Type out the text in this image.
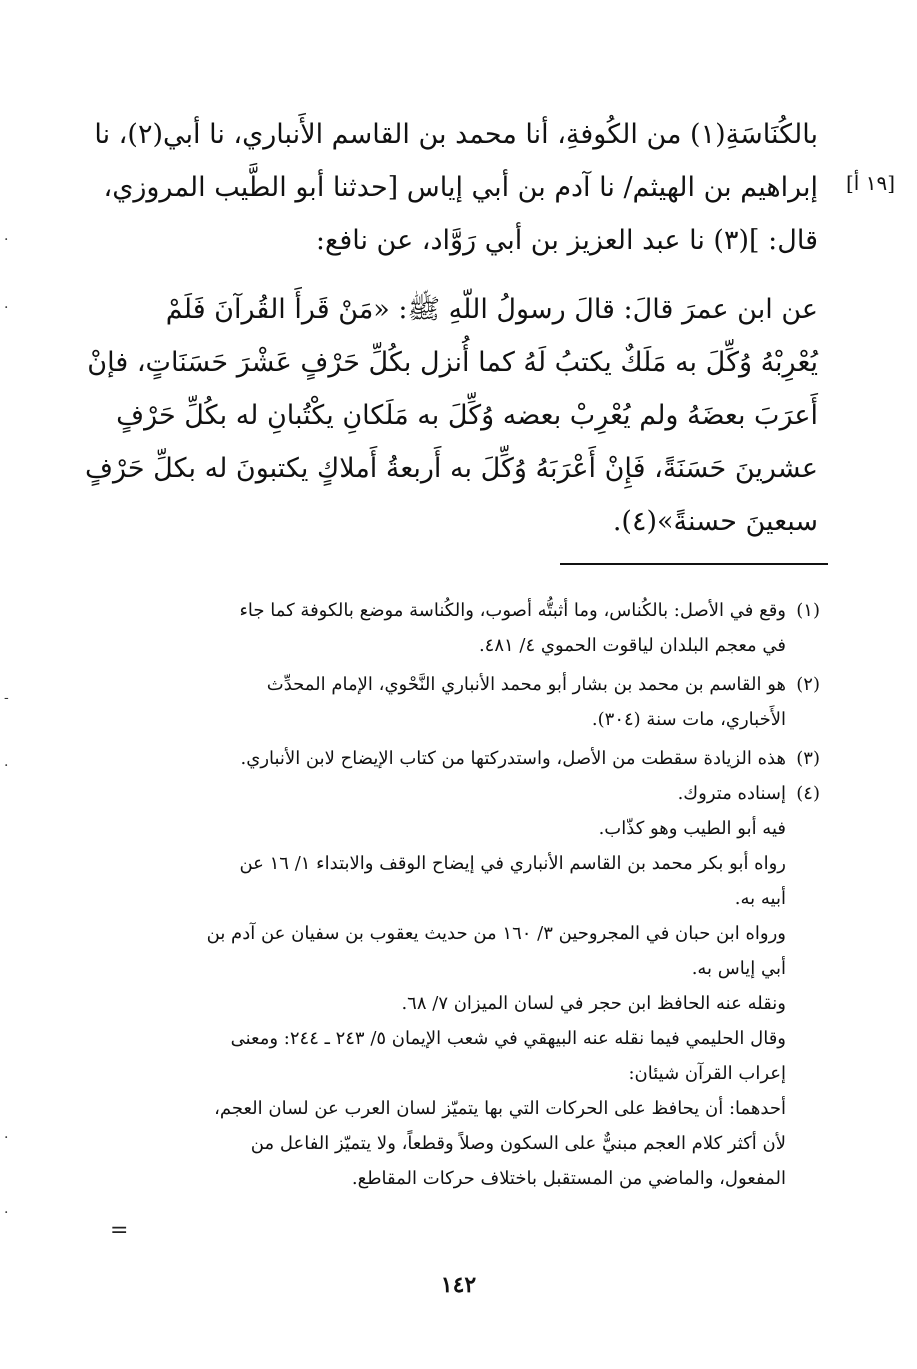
[١٩ أ]
بالكُنَاسَةِ(١) من الكُوفةِ، أنا محمد بن القاسم الأَنباري، نا أبي(٢)، نا
إبراهيم بن الهيثم/ نا آدم بن أبي إياس [حدثنا أبو الطَّيب المروزي،
قال: ](٣) نا عبد العزيز بن أبي رَوَّاد، عن نافع:
عن ابن عمرَ قالَ: قالَ رسولُ اللّهِ ﷺ: «مَنْ قَرأَ القُرآنَ فَلَمْ
يُعْرِبْهُ وُكِّلَ به مَلَكٌ يكتبُ لَهُ كما أُنزل بكُلِّ حَرْفٍ عَشْرَ حَسَنَاتٍ، فإنْ
أَعرَبَ بعضَهُ ولم يُعْرِبْ بعضه وُكِّلَ به مَلَكانِ يكْتُبانِ له بكُلِّ حَرْفٍ
عشرينَ حَسَنَةً، فَإِنْ أَعْرَبَهُ وُكِّلَ به أَربعةُ أَملاكٍ يكتبونَ له بكلِّ حَرْفٍ
سبعينَ حسنةً»(٤).
(١)وقع في الأصل: بالكُناس، وما أثبتُّه أصوب، والكُناسة موضع بالكوفة كما جاء
في معجم البلدان لياقوت الحموي ٤/ ٤٨١.
(٢)هو القاسم بن محمد بن بشار أبو محمد الأنباري النَّحْوي، الإمام المحدِّث
الأَخباري، مات سنة (٣٠٤).
(٣)هذه الزيادة سقطت من الأصل، واستدركتها من كتاب الإيضاح لابن الأنباري.
(٤)إسناده متروك.
فيه أبو الطيب وهو كذّاب.
رواه أبو بكر محمد بن القاسم الأنباري في إيضاح الوقف والابتداء ١/ ١٦ عن
أبيه به.
ورواه ابن حبان في المجروحين ٣/ ١٦٠ من حديث يعقوب بن سفيان عن آدم بن
أبي إياس به.
ونقله عنه الحافظ ابن حجر في لسان الميزان ٧/ ٦٨.
وقال الحليمي فيما نقله عنه البيهقي في شعب الإيمان ٥/ ٢٤٣ ـ ٢٤٤: ومعنى
إعراب القرآن شيئان:
أحدهما: أن يحافظ على الحركات التي بها يتميّز لسان العرب عن لسان العجم،
لأن أكثر كلام العجم مبنيٌّ على السكون وصلاً وقطعاً، ولا يتميّز الفاعل من
المفعول، والماضي من المستقبل باختلاف حركات المقاطع.
=
١٤٢
·
·
-
·
·
·
